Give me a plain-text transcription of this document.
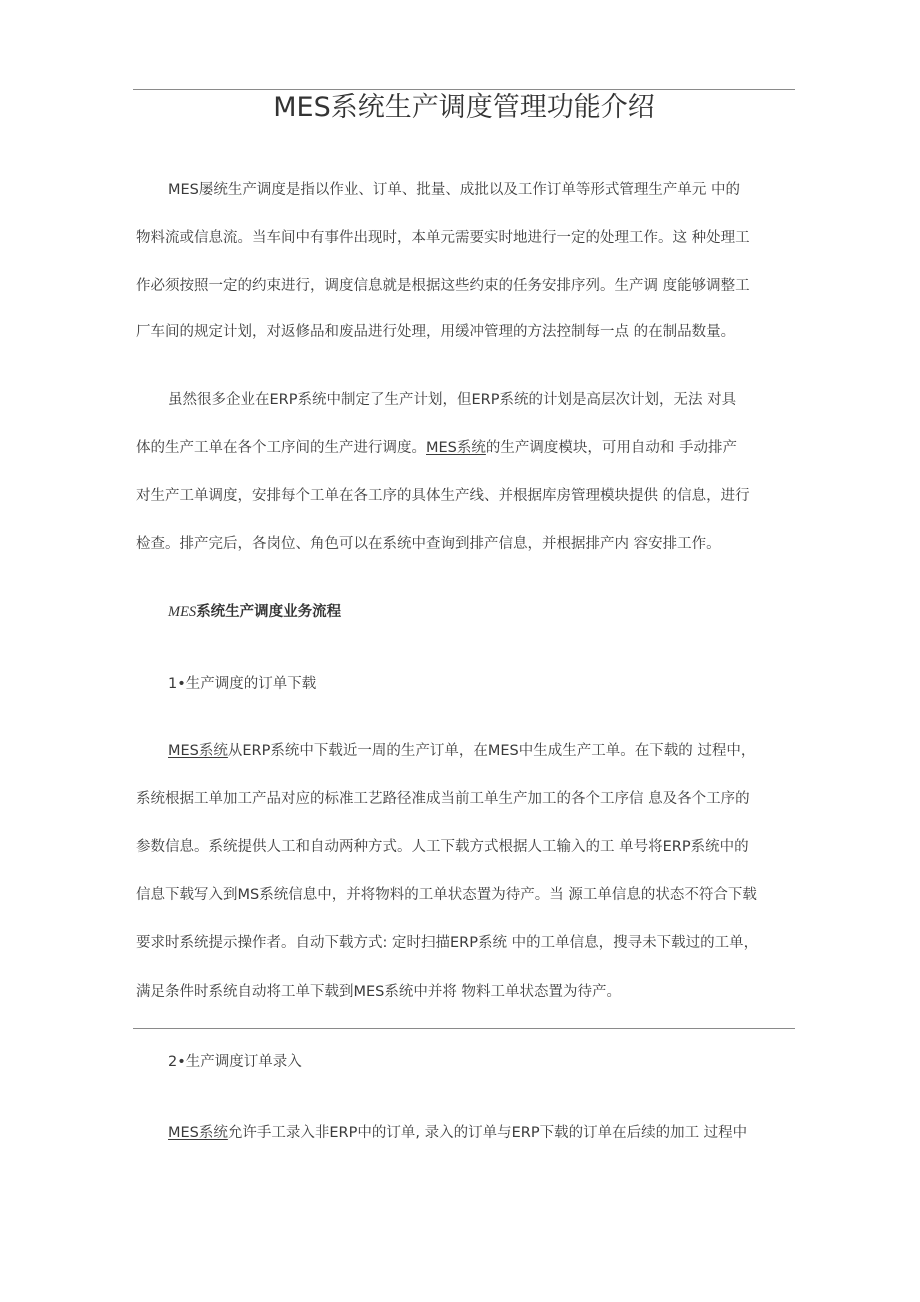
MES系统生产调度管理功能介绍
MES屡统生产调度是指以作业、订单、批量、成批以及工作订单等形式管理生产单元 中的
物料流或信息流。当车间中有事件出现时，本单元需要实时地进行一定的处理工作。这 种处理工
作必须按照一定的约束进行，调度信息就是根据这些约束的任务安排序列。生产调 度能够调整工
厂车间的规定计划，对返修品和废品进行处理，用缓冲管理的方法控制每一点 的在制品数量。
虽然很多企业在ERP系统中制定了生产计划，但ERP系统的计划是高层次计划，无法 对具
体的生产工单在各个工序间的生产进行调度。MES系统的生产调度模块，可用自动和 手动排产
对生产工单调度，安排每个工单在各工序的具体生产线、并根据库房管理模块提供 的信息，进行
检查。排产完后，各岗位、角色可以在系统中查询到排产信息，并根据排产内 容安排工作。
MES系统生产调度业务流程
1•生产调度的订单下载
MES系统从ERP系统中下载近一周的生产订单，在MES中生成生产工单。在下载的 过程中，
系统根据工单加工产品对应的标准工艺路径准成当前工单生产加工的各个工序信 息及各个工序的
参数信息。系统提供人工和自动两种方式。人工下载方式根据人工输入的工 单号将ERP系统中的
信息下载写入到MS系统信息中，并将物料的工单状态置为待产。当 源工单信息的状态不符合下载
要求时系统提示操作者。自动下载方式: 定时扫描ERP系统 中的工单信息，搜寻未下载过的工单，
满足条件时系统自动将工单下载到MES系统中并将 物料工单状态置为待产。
2•生产调度订单录入
MES系统允许手工录入非ERP中的订单, 录入的订单与ERP下载的订单在后续的加工 过程中
